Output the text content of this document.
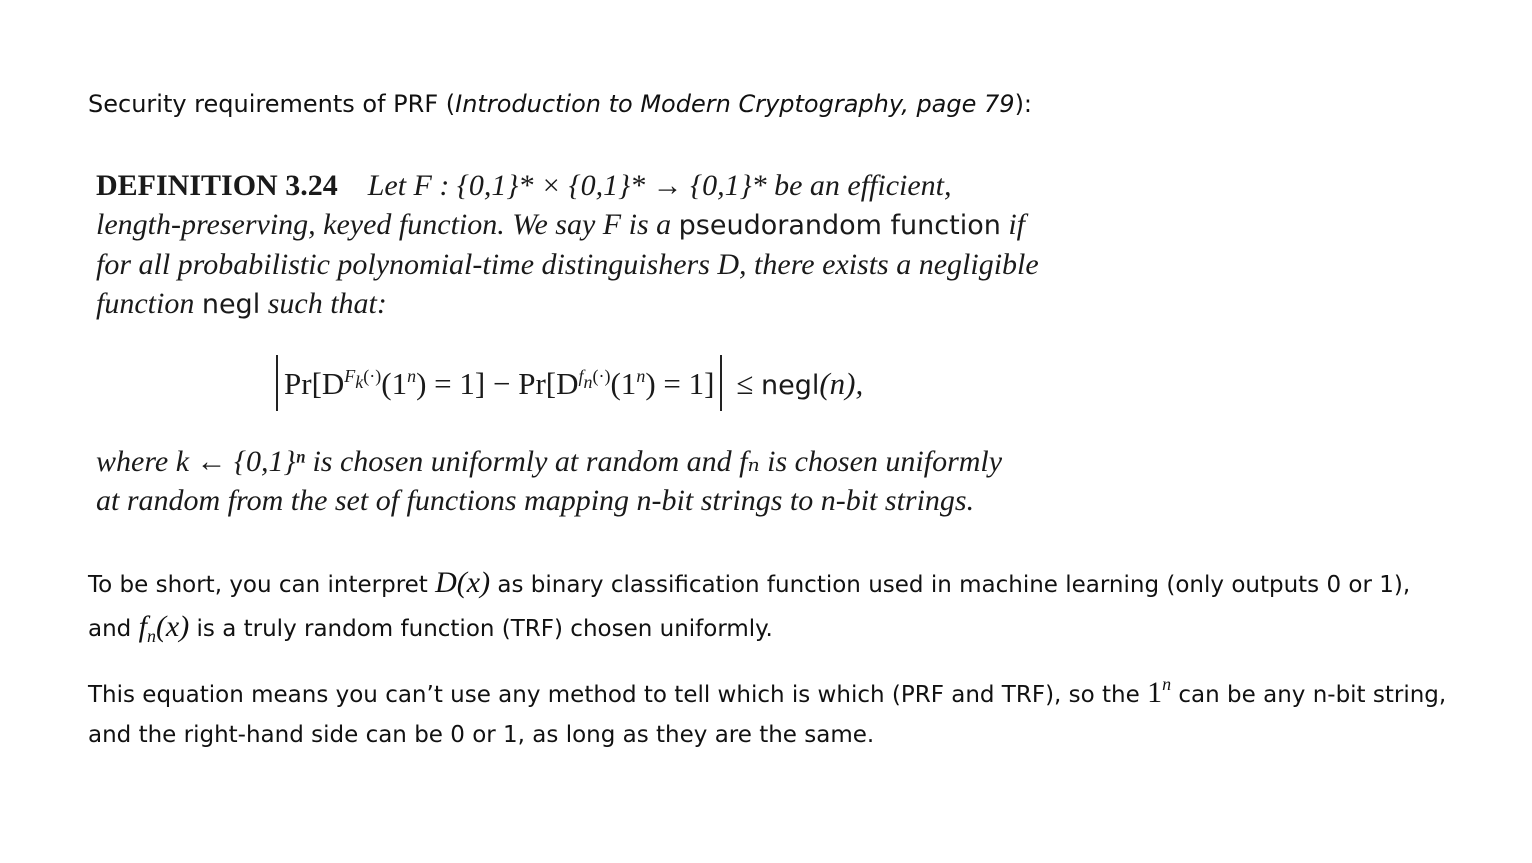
Security requirements of PRF (Introduction to Modern Cryptography, page 79):
DEFINITION 3.24 Let F : {0,1}* × {0,1}* → {0,1}* be an efficient,
length-preserving, keyed function. We say F is a pseudorandom function if
for all probabilistic polynomial-time distinguishers D, there exists a negligible
function negl such that:
$Pr[D^{F_k(\cdot)}(1^n) = 1] - Pr[D^{f_n(\cdot)}(1^n) = 1]$ ≤ negl(n),
where k ← {0,1}ⁿ is chosen uniformly at random and fₙ is chosen uniformly
at random from the set of functions mapping n-bit strings to n-bit strings.
To be short, you can interpret D(x) as binary classification function used in machine learning (only outputs 0 or 1), and $f_n(x)$ is a truly random function (TRF) chosen uniformly.
This equation means you can’t use any method to tell which is which (PRF and TRF), so the 1$^n$ can be any n-bit string, and the right-hand side can be 0 or 1, as long as they are the same.
